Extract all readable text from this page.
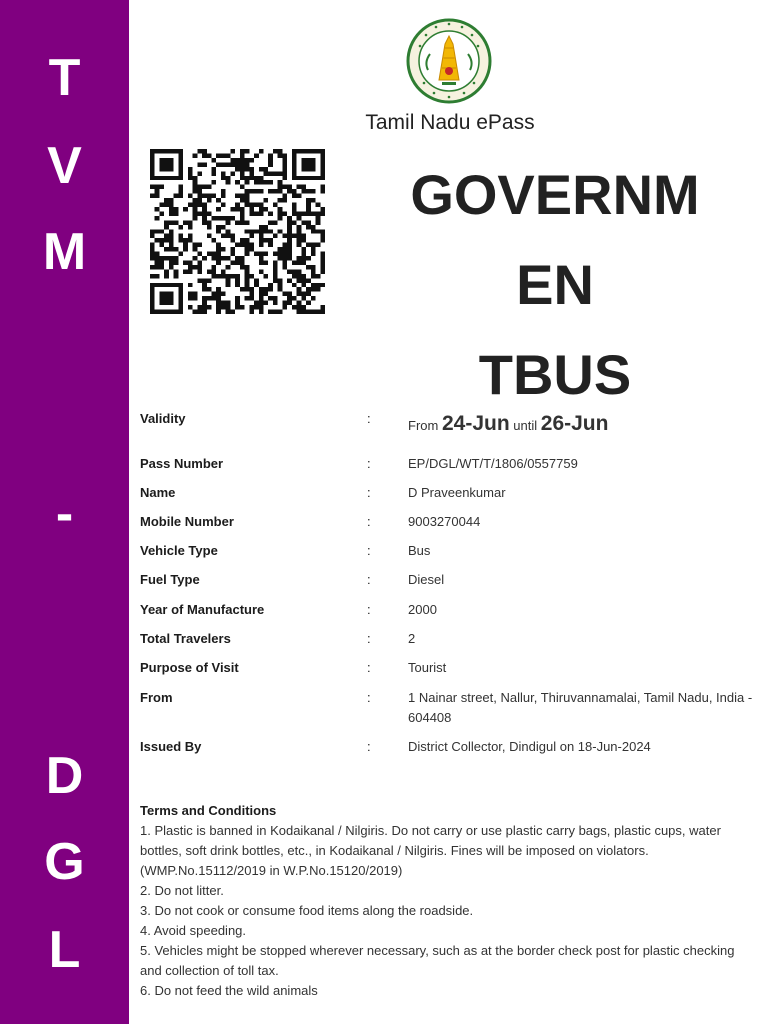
T
V
M
-
D
G
L
Tamil Nadu ePass
GOVERNM
EN
TBUS
Validity	:	From 24-Jun until 26-Jun
Pass Number	:	EP/DGL/WT/T/1806/0557759
Name	:	D Praveenkumar
Mobile Number	:	9003270044
Vehicle Type	:	Bus
Fuel Type	:	Diesel
Year of Manufacture	:	2000
Total Travelers	:	2
Purpose of Visit	:	Tourist
From	:	1 Nainar street, Nallur, Thiruvannamalai, Tamil Nadu, India - 604408
Issued By	:	District Collector, Dindigul on 18-Jun-2024
Terms and Conditions
1. Plastic is banned in Kodaikanal / Nilgiris. Do not carry or use plastic carry bags, plastic cups, water bottles, soft drink bottles, etc., in Kodaikanal / Nilgiris. Fines will be imposed on violators. (WMP.No.15112/2019 in W.P.No.15120/2019)
2. Do not litter.
3. Do not cook or consume food items along the roadside.
4. Avoid speeding.
5. Vehicles might be stopped wherever necessary, such as at the border check post for plastic checking and collection of toll tax.
6. Do not feed the wild animals
